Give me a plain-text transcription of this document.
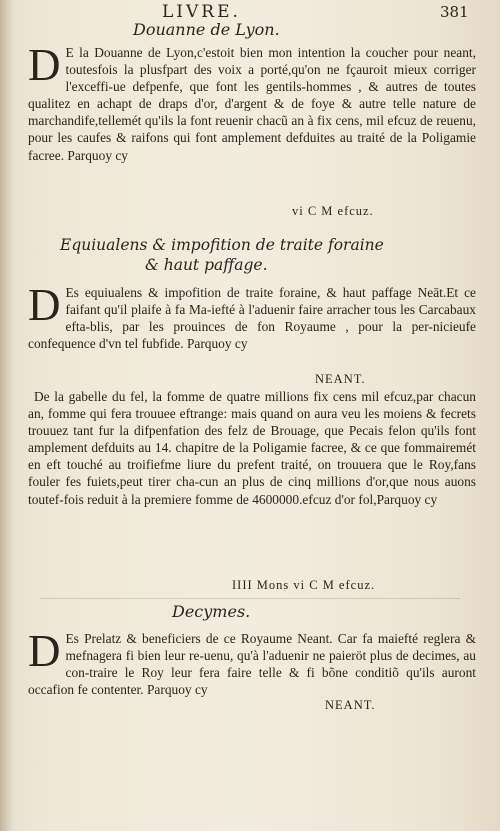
LIVRE.	381
Douanne de Lyon.
D E la Douanne de Lyon,c'estoit bien mon intention la coucher pour neant, toutesfois la plusfpart des voix a porté,qu'on ne fçauroit mieux corriger l'exceffi-ue defpenfe, que font les gentils-hommes , & autres de toutes qualitez en achapt de draps d'or, d'argent & de foye & autre telle nature de marchandife,tellemét qu'ils la font reuenir chacũ an à fix cens, mil efcuz de reuenu, pour les caufes & raifons qui font amplement defduites au traité de la Poligamie facree. Parquoy cy
vi C M efcuz.
Equiualens & impofition de traite foraine
& haut paffage.
D Es equiualens & impofition de traite foraine, & haut paffage Neāt.Et ce faifant qu'il plaife à fa Ma-iefté à l'aduenir faire arracher tous les Carcabaux efta-blis, par les prouinces de fon Royaume , pour la per-nicieufe confequence d'vn tel fubfide. Parquoy cy
NEANT.
De la gabelle du fel, la fomme de quatre millions fix cens mil efcuz,par chacun an, fomme qui fera trouuee eftrange: mais quand on aura veu les moiens & fecrets trouuez tant fur la difpenfation des felz de Brouage, que Pecais felon qu'ils font amplement defduits au 14. chapitre de la Poligamie facree, & ce que fommairemét en eft touché au troifiefme liure du prefent traité, on trouuera que le Roy,fans fouler fes fuiets,peut tirer cha-cun an plus de cinq millions d'or,que nous auons toutef-fois reduit à la premiere fomme de 4600000.efcuz d'or fol,Parquoy cy
IIII Mons vi C M efcuz.
Decymes.
D Es Prelatz & beneficiers de ce Royaume Neant. Car fa maiefté reglera & mefnagera fi bien leur re-uenu, qu'à l'aduenir ne paieröt plus de decimes, au con-traire le Roy leur fera faire telle & fi bõne conditiõ qu'ils auront occafion fe contenter. Parquoy cy
NEANT.
